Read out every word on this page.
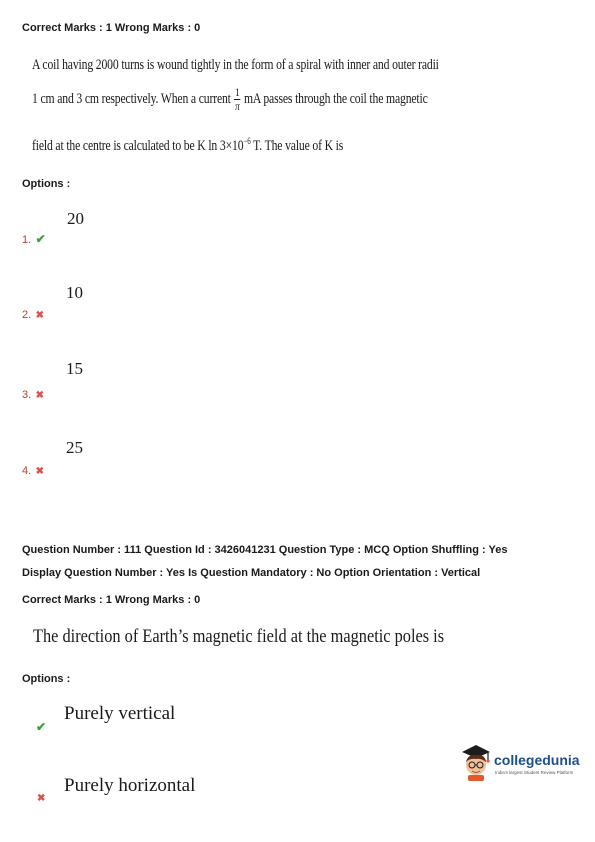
Correct Marks : 1 Wrong Marks : 0
A coil having 2000 turns is wound tightly in the form of a spiral with inner and outer radii
1 cm and 3 cm respectively. When a current $\frac{1}{\pi}$ mA passes through the coil the magnetic
field at the centre is calculated to be K $\ln 3\times 10^{-6}$ T. The value of K is
Options :
20
1. ✔
10
2. ✖
15
3. ✖
25
4. ✖
Question Number : 111 Question Id : 3426041231 Question Type : MCQ Option Shuffling : Yes
Display Question Number : Yes Is Question Mandatory : No Option Orientation : Vertical
Correct Marks : 1 Wrong Marks : 0
The direction of Earth’s magnetic field at the magnetic poles is
Options :
Purely vertical
✔
Purely horizontal
✖
collegedunia
India's largest Student Review Platform
